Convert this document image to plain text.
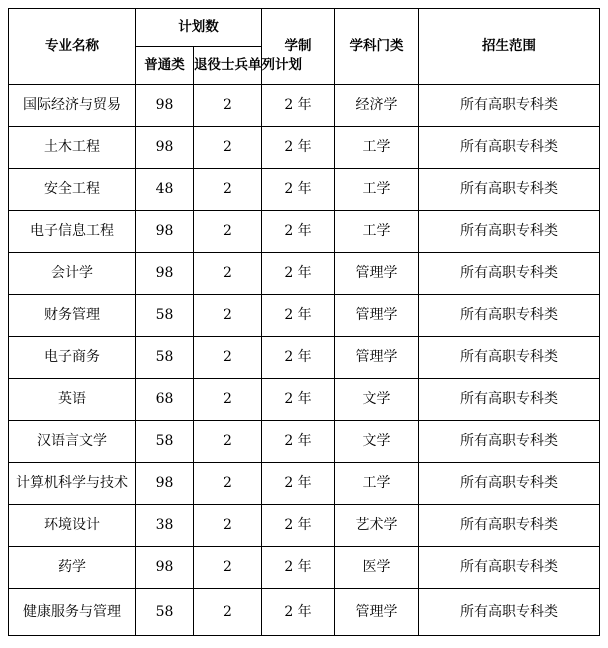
专业名称	计划数		学制	学科门类	招生范围
	普通类	退役士兵单列计划			
国际经济与贸易	98	2	2 年	经济学	所有高职专科类
土木工程	98	2	2 年	工学	所有高职专科类
安全工程	48	2	2 年	工学	所有高职专科类
电子信息工程	98	2	2 年	工学	所有高职专科类
会计学	98	2	2 年	管理学	所有高职专科类
财务管理	58	2	2 年	管理学	所有高职专科类
电子商务	58	2	2 年	管理学	所有高职专科类
英语	68	2	2 年	文学	所有高职专科类
汉语言文学	58	2	2 年	文学	所有高职专科类
计算机科学与技术	98	2	2 年	工学	所有高职专科类
环境设计	38	2	2 年	艺术学	所有高职专科类
药学	98	2	2 年	医学	所有高职专科类
健康服务与管理	58	2	2 年	管理学	所有高职专科类
